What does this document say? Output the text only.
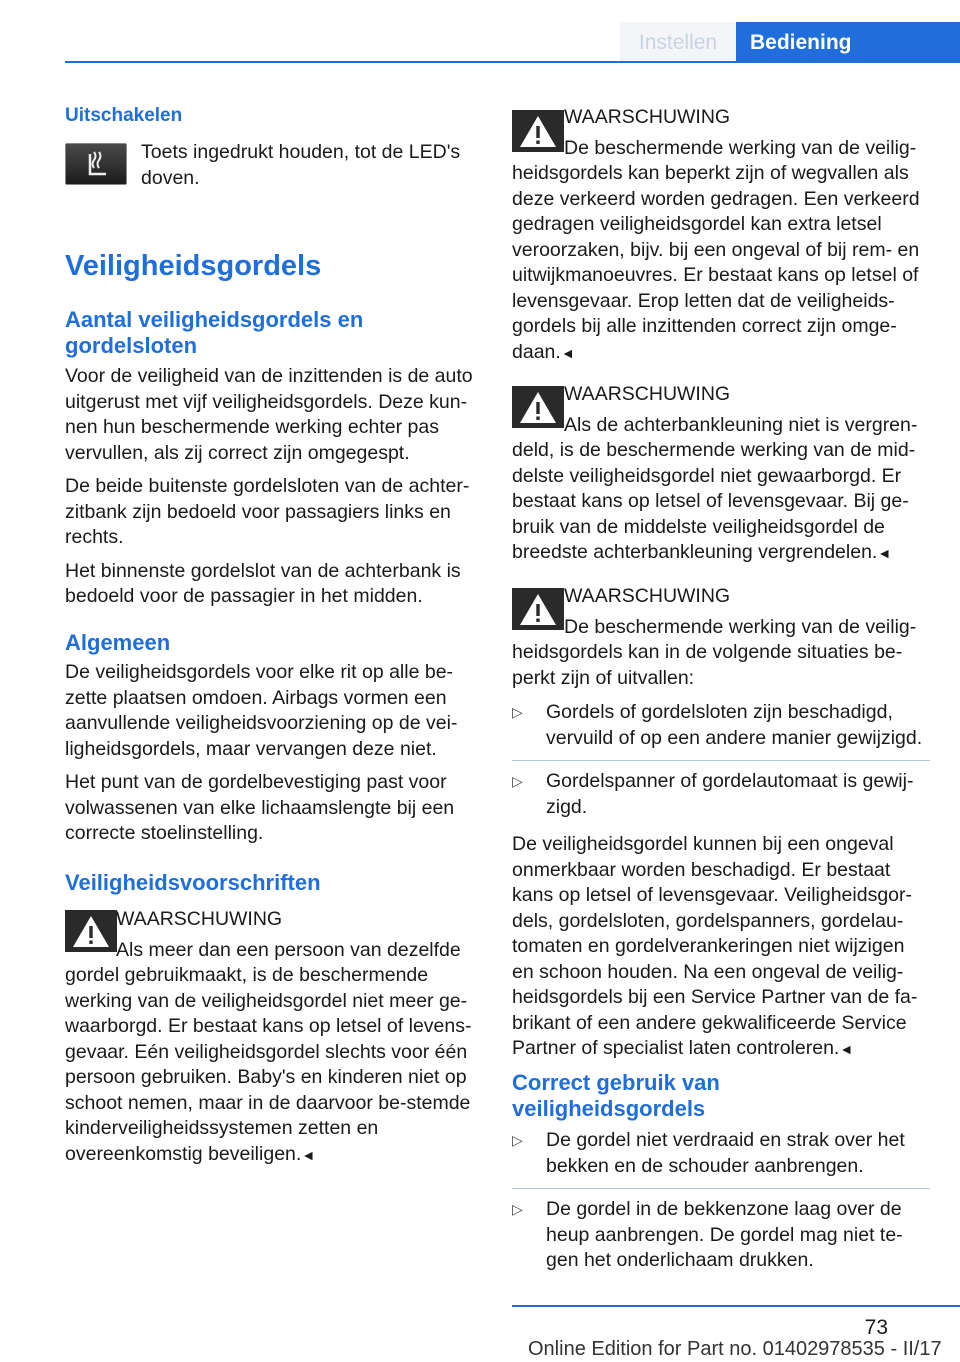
Instellen	Bediening
Uitschakelen

Toets ingedrukt houden, tot de LED's doven.

Veiligheidsgordels
Aantal veiligheidsgordels en gordelsloten

Voor de veiligheid van de inzittenden is de auto uitgerust met vijf veiligheidsgordels. Deze kun-nen hun beschermende werking echter pas vervullen, als zij correct zijn omgegespt.

De beide buitenste gordelsloten van de achter-zitbank zijn bedoeld voor passagiers links en rechts.

Het binnenste gordelslot van de achterbank is bedoeld voor de passagier in het midden.

Algemeen

De veiligheidsgordels voor elke rit op alle be-zette plaatsen omdoen. Airbags vormen een aanvullende veiligheidsvoorziening op de vei-ligheidsgordels, maar vervangen deze niet.

Het punt van de gordelbevestiging past voor volwassenen van elke lichaamslengte bij een correcte stoelinstelling.

Veiligheidsvoorschriften

WAARSCHUWING

Als meer dan een persoon van dezelfde

gordel gebruikmaakt, is de beschermende werking van de veiligheidsgordel niet meer ge-waarborgd. Er bestaat kans op letsel of levens-gevaar. Eén veiligheidsgordel slechts voor één persoon gebruiken. Baby's en kinderen niet op schoot nemen, maar in de daarvoor be-stemde kinderveiligheidssystemen zetten en overeenkomstig beveiligen.◄

WAARSCHUWING

De beschermende werking van de veilig-

heidsgordels kan beperkt zijn of wegvallen als deze verkeerd worden gedragen. Een verkeerd gedragen veiligheidsgordel kan extra letsel veroorzaken, bijv. bij een ongeval of bij rem- en uitwijkmanoeuvres. Er bestaat kans op letsel of levensgevaar. Erop letten dat de veiligheids-gordels bij alle inzittenden correct zijn omge-daan.◄

WAARSCHUWING

Als de achterbankleuning niet is vergren-

deld, is de beschermende werking van de mid-delste veiligheidsgordel niet gewaarborgd. Er bestaat kans op letsel of levensgevaar. Bij ge-bruik van de middelste veiligheidsgordel de breedste achterbankleuning vergrendelen.◄

WAARSCHUWING

De beschermende werking van de veilig-

heidsgordels kan in de volgende situaties be-perkt zijn of uitvallen:

▷ Gordels of gordelsloten zijn beschadigd, vervuild of op een andere manier gewijzigd.
▷ Gordelspanner of gordelautomaat is gewij-zigd.

De veiligheidsgordel kunnen bij een ongeval onmerkbaar worden beschadigd. Er bestaat kans op letsel of levensgevaar. Veiligheidsgor-dels, gordelsloten, gordelspanners, gordelau-tomaten en gordelverankeringen niet wijzigen en schoon houden. Na een ongeval de veilig-heidsgordels bij een Service Partner van de fa-brikant of een andere gekwalificeerde Service Partner of specialist laten controleren.◄

Correct gebruik van veiligheidsgordels
▷ De gordel niet verdraaid en strak over het bekken en de schouder aanbrengen.
▷ De gordel in de bekkenzone laag over de heup aanbrengen. De gordel mag niet te-gen het onderlichaam drukken.
73
Online Edition for Part no. 01402978535 - II/17
